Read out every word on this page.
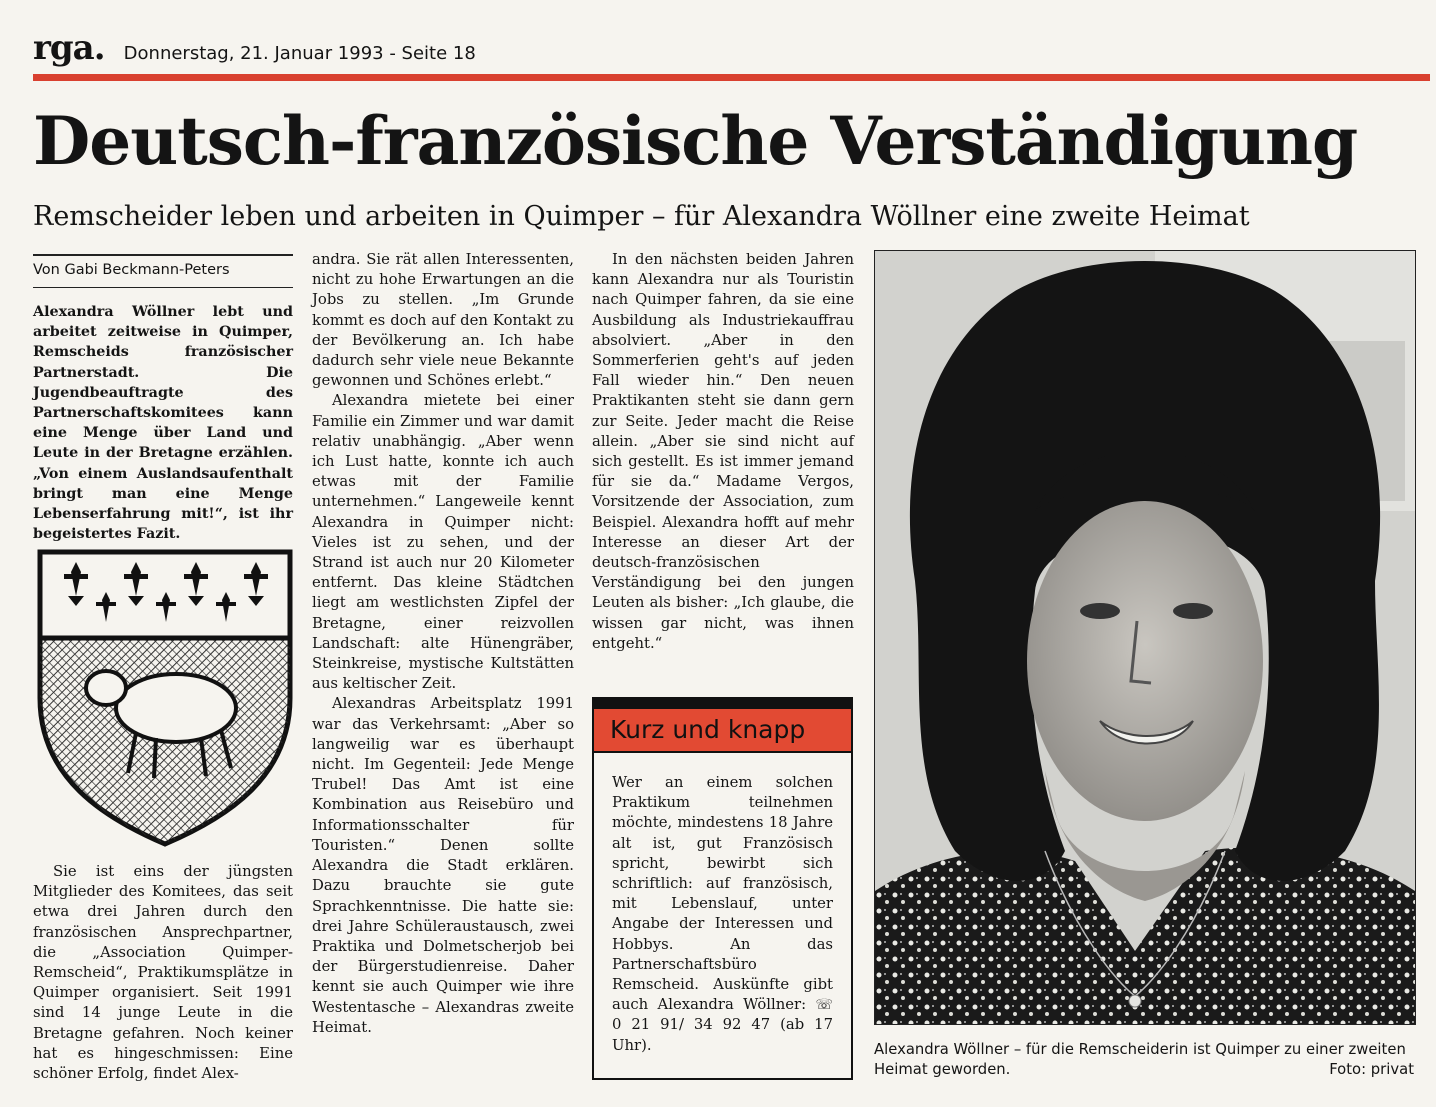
rga. Donnerstag, 21. Januar 1993 - Seite 18
Deutsch-französische Verständigung
Remscheider leben und arbeiten in Quimper – für Alexandra Wöllner eine zweite Heimat
Von Gabi Beckmann-Peters
Alexandra Wöllner lebt und arbeitet zeitweise in Quimper, Remscheids französischer Partnerstadt. Die Jugendbeauftragte des Partnerschaftskomitees kann eine Menge über Land und Leute in der Bretagne erzählen. „Von einem Auslandsaufenthalt bringt man eine Menge Lebenserfahrung mit!“, ist ihr begeistertes Fazit.

Sie ist eins der jüngsten Mitglieder des Komitees, das seit etwa drei Jahren durch den französischen Ansprechpartner, die „Association Quimper-Remscheid“, Praktikumsplätze in Quimper organisiert. Seit 1991 sind 14 junge Leute in die Bretagne gefahren. Noch keiner hat es hingeschmissen: Eine schöner Erfolg, findet Alex-

andra. Sie rät allen Interessenten, nicht zu hohe Erwartungen an die Jobs zu stellen. „Im Grunde kommt es doch auf den Kontakt zu der Bevölkerung an. Ich habe dadurch sehr viele neue Bekannte gewonnen und Schönes erlebt.“

Alexandra mietete bei einer Familie ein Zimmer und war damit relativ unabhängig. „Aber wenn ich Lust hatte, konnte ich auch etwas mit der Familie unternehmen.“ Langeweile kennt Alexandra in Quimper nicht: Vieles ist zu sehen, und der Strand ist auch nur 20 Kilometer entfernt. Das kleine Städtchen liegt am westlichsten Zipfel der Bretagne, einer reizvollen Landschaft: alte Hünengräber, Steinkreise, mystische Kultstätten aus keltischer Zeit.

Alexandras Arbeitsplatz 1991 war das Verkehrsamt: „Aber so langweilig war es überhaupt nicht. Im Gegenteil: Jede Menge Trubel! Das Amt ist eine Kombination aus Reisebüro und Informationsschalter für Touristen.“ Denen sollte Alexandra die Stadt erklären. Dazu brauchte sie gute Sprachkenntnisse. Die hatte sie: drei Jahre Schüleraustausch, zwei Praktika und Dolmetscherjob bei der Bürgerstudienreise. Daher kennt sie auch Quimper wie ihre Westentasche – Alexandras zweite Heimat.

In den nächsten beiden Jahren kann Alexandra nur als Touristin nach Quimper fahren, da sie eine Ausbildung als Industriekauffrau absolviert. „Aber in den Sommerferien geht's auf jeden Fall wieder hin.“ Den neuen Praktikanten steht sie dann gern zur Seite. Jeder macht die Reise allein. „Aber sie sind nicht auf sich gestellt. Es ist immer jemand für sie da.“ Madame Vergos, Vorsitzende der Association, zum Beispiel. Alexandra hofft auf mehr Interesse an dieser Art der deutsch-französischen Verständigung bei den jungen Leuten als bisher: „Ich glaube, die wissen gar nicht, was ihnen entgeht.“

Kurz und knapp
Wer an einem solchen Praktikum teilnehmen möchte, mindestens 18 Jahre alt ist, gut Französisch spricht, bewirbt sich schriftlich: auf französisch, mit Lebenslauf, unter Angabe der Interessen und Hobbys. An das Partnerschaftsbüro Remscheid. Auskünfte gibt auch Alexandra Wöllner: ☏ 0 21 91/ 34 92 47 (ab 17 Uhr).	Alexandra Wöllner – für die Remscheiderin ist Quimper zu einer zweiten Heimat geworden.	Foto: privat
